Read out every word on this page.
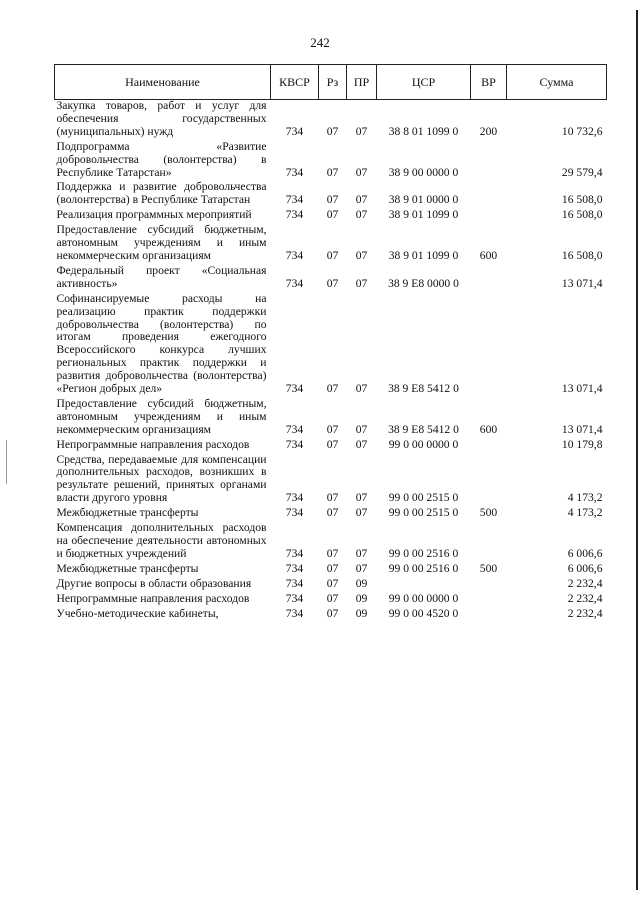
242
Наименование	КВСР	Рз	ПР	ЦСР	ВР	Сумма
Закупка товаров, работ и услуг для обеспечения государственных (муниципальных) нужд	734	07	07	38 8 01 1099 0	200	10 732,6
Подпрограмма «Развитие добровольчества (волонтерства) в Республике Татарстан»	734	07	07	38 9 00 0000 0		29 579,4
Поддержка и развитие добровольчества (волонтерства) в Республике Татарстан	734	07	07	38 9 01 0000 0		16 508,0
Реализация программных мероприятий	734	07	07	38 9 01 1099 0		16 508,0
Предоставление субсидий бюджетным, автономным учреждениям и иным некоммерческим организациям	734	07	07	38 9 01 1099 0	600	16 508,0
Федеральный проект «Социальная активность»	734	07	07	38 9 E8 0000 0		13 071,4
Софинансируемые расходы на реализацию практик поддержки добровольчества (волонтерства) по итогам проведения ежегодного Всероссийского конкурса лучших региональных практик поддержки и развития добровольчества (волонтерства) «Регион добрых дел»	734	07	07	38 9 E8 5412 0		13 071,4
Предоставление субсидий бюджетным, автономным учреждениям и иным некоммерческим организациям	734	07	07	38 9 E8 5412 0	600	13 071,4
Непрограммные направления расходов	734	07	07	99 0 00 0000 0		10 179,8
Средства, передаваемые для компенсации дополнительных расходов, возникших в результате решений, принятых органами власти другого уровня	734	07	07	99 0 00 2515 0		4 173,2
Межбюджетные трансферты	734	07	07	99 0 00 2515 0	500	4 173,2
Компенсация дополнительных расходов на обеспечение деятельности автономных и бюджетных учреждений	734	07	07	99 0 00 2516 0		6 006,6
Межбюджетные трансферты	734	07	07	99 0 00 2516 0	500	6 006,6
Другие вопросы в области образования	734	07	09			2 232,4
Непрограммные направления расходов	734	07	09	99 0 00 0000 0		2 232,4
Учебно-методические кабинеты,	734	07	09	99 0 00 4520 0		2 232,4
